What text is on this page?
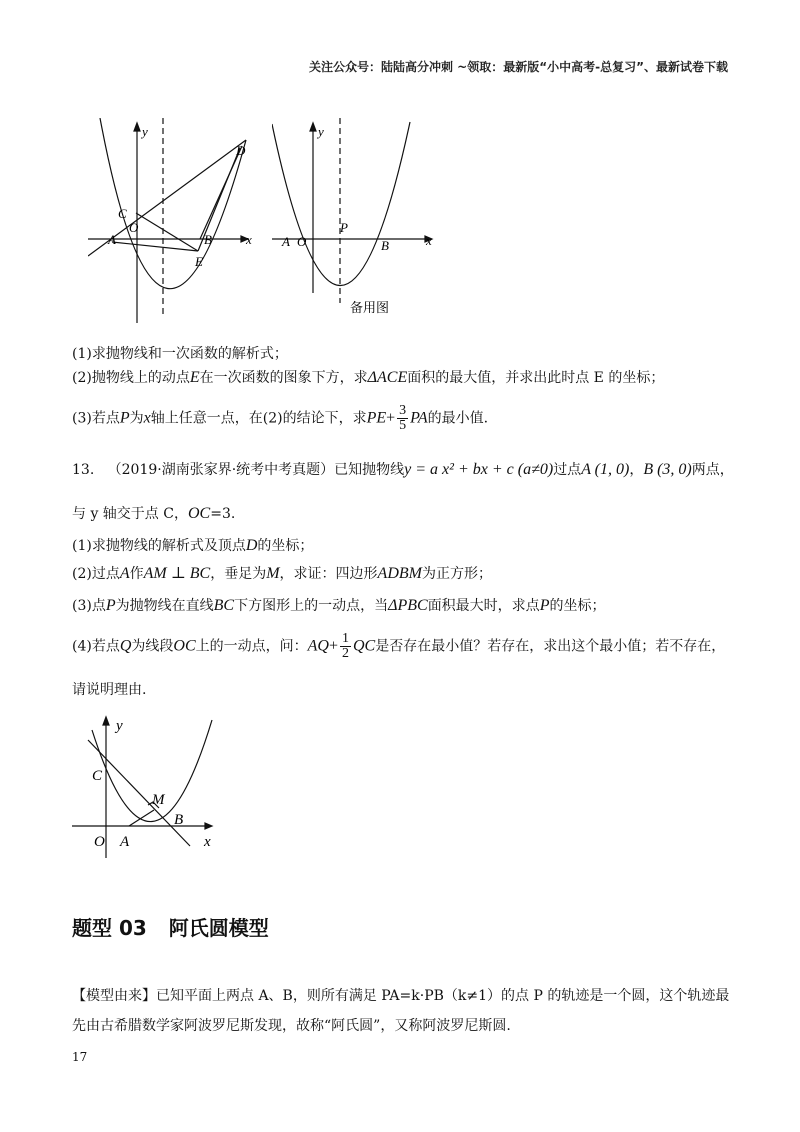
关注公众号：陆陆高分冲刺 ~领取：最新版“小中高考-总复习”、最新试卷下载
y
x
C
O
A	B
E
D
y
x
A O
P
B
备用图
(1)求抛物线和一次函数的解析式；
(2)抛物线上的动点E在一次函数的图象下方，求ΔACE面积的最大值，并求出此时点 E 的坐标；
(3)若点P为x轴上任意一点，在(2)的结论下，求$PE+ \frac{3}{5}$ PA的最小值.
13. （2019·湖南张家界·统考中考真题）已知抛物线y = a x² + bx + c (a≠0)过点A (1, 0)，B (3, 0)两点，
与 y 轴交于点 C，OC=3.
(1)求抛物线的解析式及顶点D的坐标；
(2)过点A作AM ⊥ BC，垂足为M，求证：四边形ADBM为正方形；
(3)点P为抛物线在直线BC下方图形上的一动点，当ΔPBC面积最大时，求点P的坐标；
(4)若点Q为线段OC上的一动点，问：$AQ+ \frac{1}{2}$ QC是否存在最小值？若存在，求出这个最小值；若不存在，
请说明理由.
y
x
C
M
O A
B
题型 03 阿氏圆模型
【模型由来】已知平面上两点 A、B，则所有满足 PA=k·PB（k≠1）的点 P 的轨迹是一个圆，这个轨迹最
先由古希腊数学家阿波罗尼斯发现，故称“阿氏圆”，又称阿波罗尼斯圆.
17
